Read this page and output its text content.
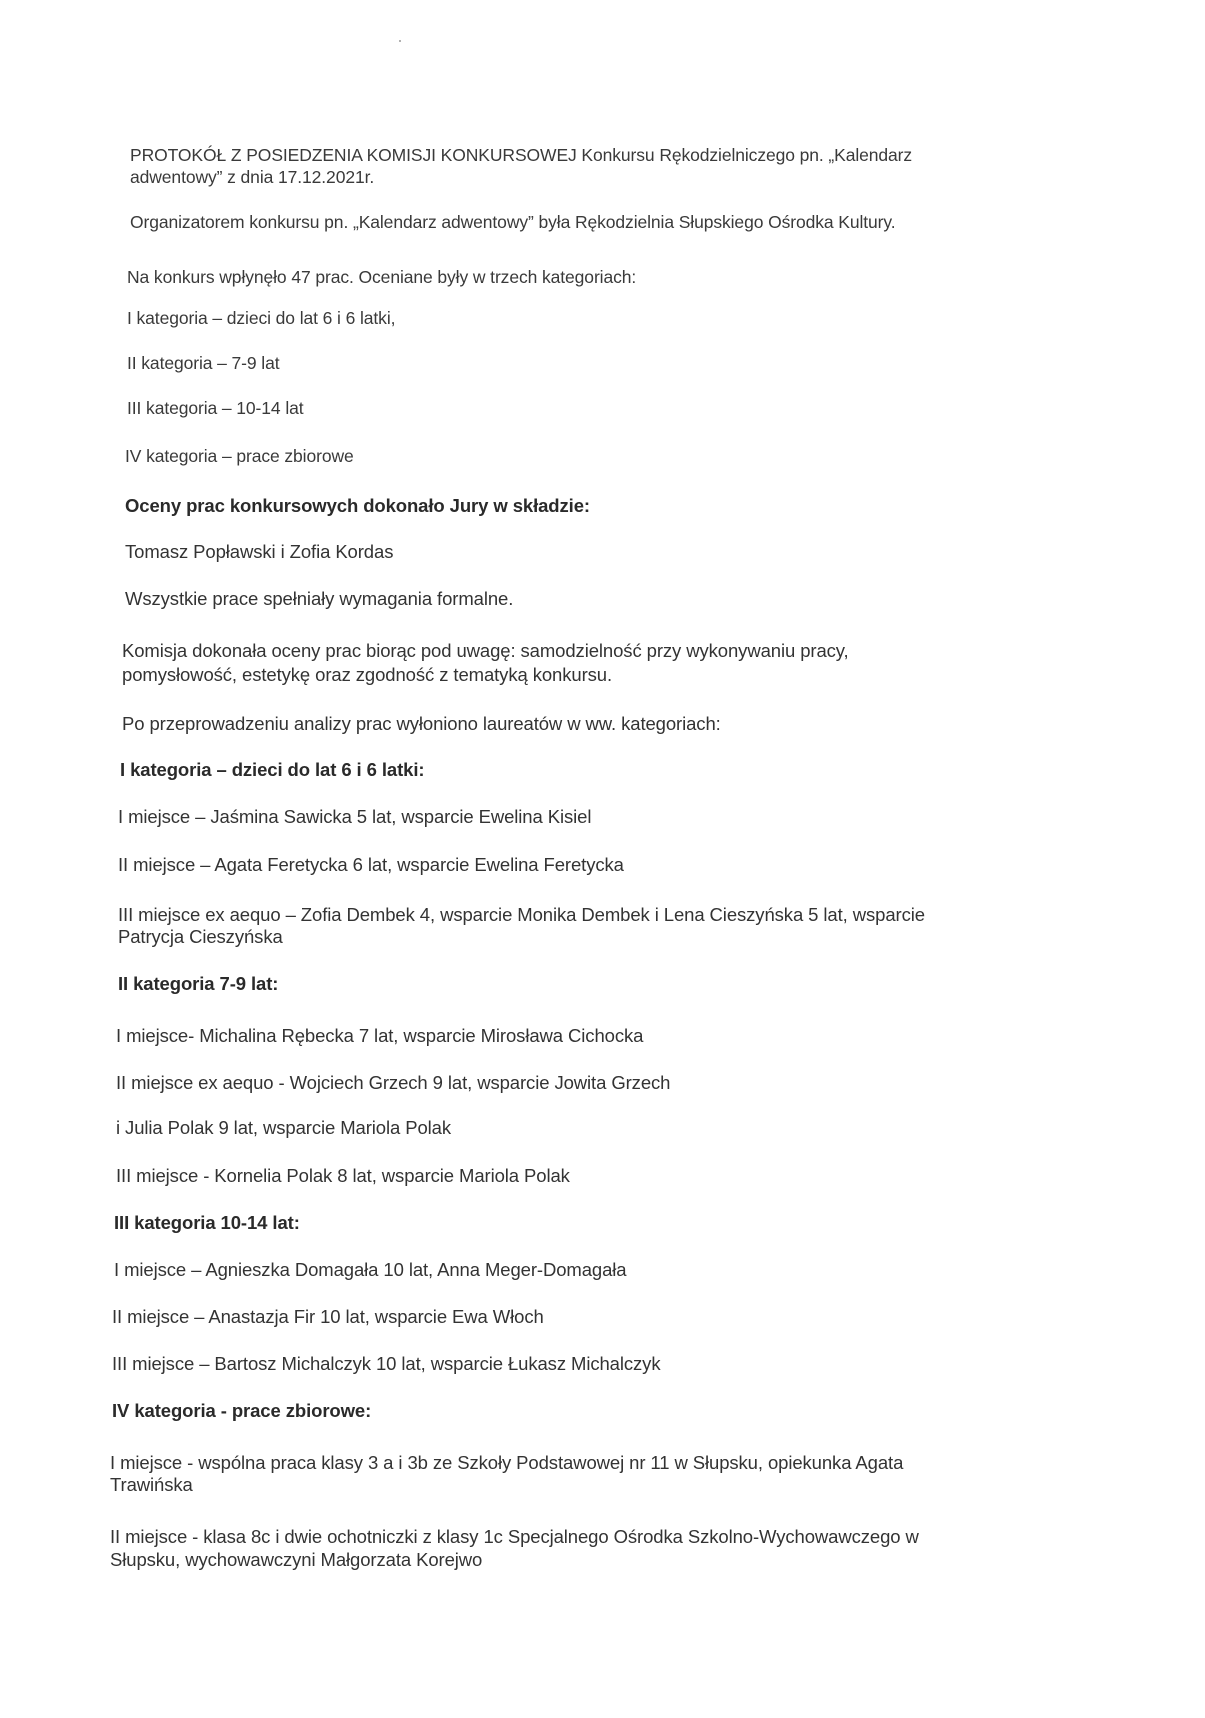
PROTOKÓŁ Z POSIEDZENIA KOMISJI KONKURSOWEJ Konkursu Rękodzielniczego pn. „Kalendarz

adwentowy” z dnia 17.12.2021r.

Organizatorem konkursu pn. „Kalendarz adwentowy” była Rękodzielnia Słupskiego Ośrodka Kultury.

Na konkurs wpłynęło 47 prac. Oceniane były w trzech kategoriach:

I kategoria – dzieci do lat 6 i 6 latki,

II kategoria – 7-9 lat

III kategoria – 10-14 lat

IV kategoria – prace zbiorowe

Oceny prac konkursowych dokonało Jury w składzie:

Tomasz Popławski i Zofia Kordas

Wszystkie prace spełniały wymagania formalne.

Komisja dokonała oceny prac biorąc pod uwagę: samodzielność przy wykonywaniu pracy,

pomysłowość, estetykę oraz zgodność z tematyką konkursu.

Po przeprowadzeniu analizy prac wyłoniono laureatów w ww. kategoriach:

I kategoria – dzieci do lat 6 i 6 latki:

I miejsce – Jaśmina Sawicka 5 lat, wsparcie Ewelina Kisiel

II miejsce – Agata Feretycka 6 lat, wsparcie Ewelina Feretycka

III miejsce ex aequo – Zofia Dembek 4, wsparcie Monika Dembek i Lena Cieszyńska 5 lat, wsparcie

Patrycja Cieszyńska

II kategoria 7-9 lat:

I miejsce- Michalina Rębecka 7 lat, wsparcie Mirosława Cichocka

II miejsce ex aequo - Wojciech Grzech 9 lat, wsparcie Jowita Grzech

i Julia Polak 9 lat, wsparcie Mariola Polak

III miejsce - Kornelia Polak 8 lat, wsparcie Mariola Polak

III kategoria 10-14 lat:

I miejsce – Agnieszka Domagała 10 lat, Anna Meger-Domagała

II miejsce – Anastazja Fir 10 lat, wsparcie Ewa Włoch

III miejsce – Bartosz Michalczyk 10 lat, wsparcie Łukasz Michalczyk

IV kategoria - prace zbiorowe:

I miejsce - wspólna praca klasy 3 a i 3b ze Szkoły Podstawowej nr 11 w Słupsku, opiekunka Agata

Trawińska

II miejsce - klasa 8c i dwie ochotniczki z klasy 1c Specjalnego Ośrodka Szkolno-Wychowawczego w

Słupsku, wychowawczyni Małgorzata Korejwo
